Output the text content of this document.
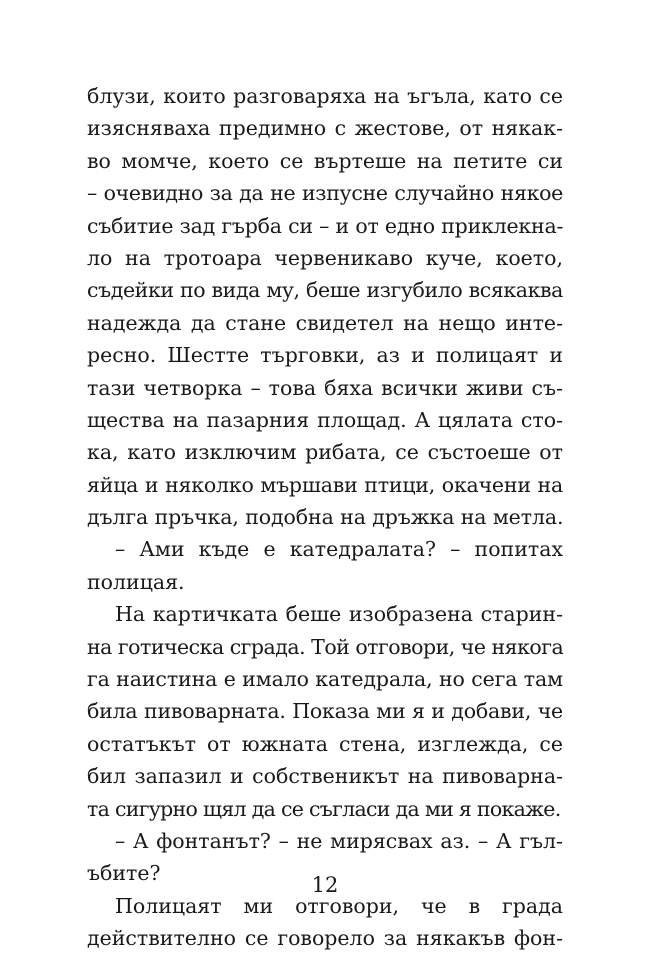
блузи, които разговаряха на ъгъла, като се
изясняваха предимно с жестове, от някак-
во момче, което се въртеше на петите си
– очевидно за да не изпусне случайно някое
събитие зад гърба си – и от едно приклекна-
ло на тротоара червеникаво куче, което,
съдейки по вида му, беше изгубило всякаква
надежда да стане свидетел на нещо инте-
ресно. Шестте търговки, аз и полицаят и
тази четворка – това бяха всички живи съ-
щества на пазарния площад. А цялата сто-
ка, като изключим рибата, се състоеше от
яйца и няколко мършави птици, окачени на
дълга пръчка, подобна на дръжка на метла.
– Ами къде е катедралата? – попитах
полицая.
На картичката беше изобразена старин-
на готическа сграда. Той отговори, че някога
га наистина е имало катедрала, но сега там
била пивоварната. Показа ми я и добави, че
остатъкът от южната стена, изглежда, се
бил запазил и собственикът на пивоварна-
та сигурно щял да се съгласи да ми я покаже.
– А фонтанът? – не мирясвах аз. – А гъл-
ъбите?
Полицаят ми отговори, че в града
действително се говорело за някакъв фон-
12
